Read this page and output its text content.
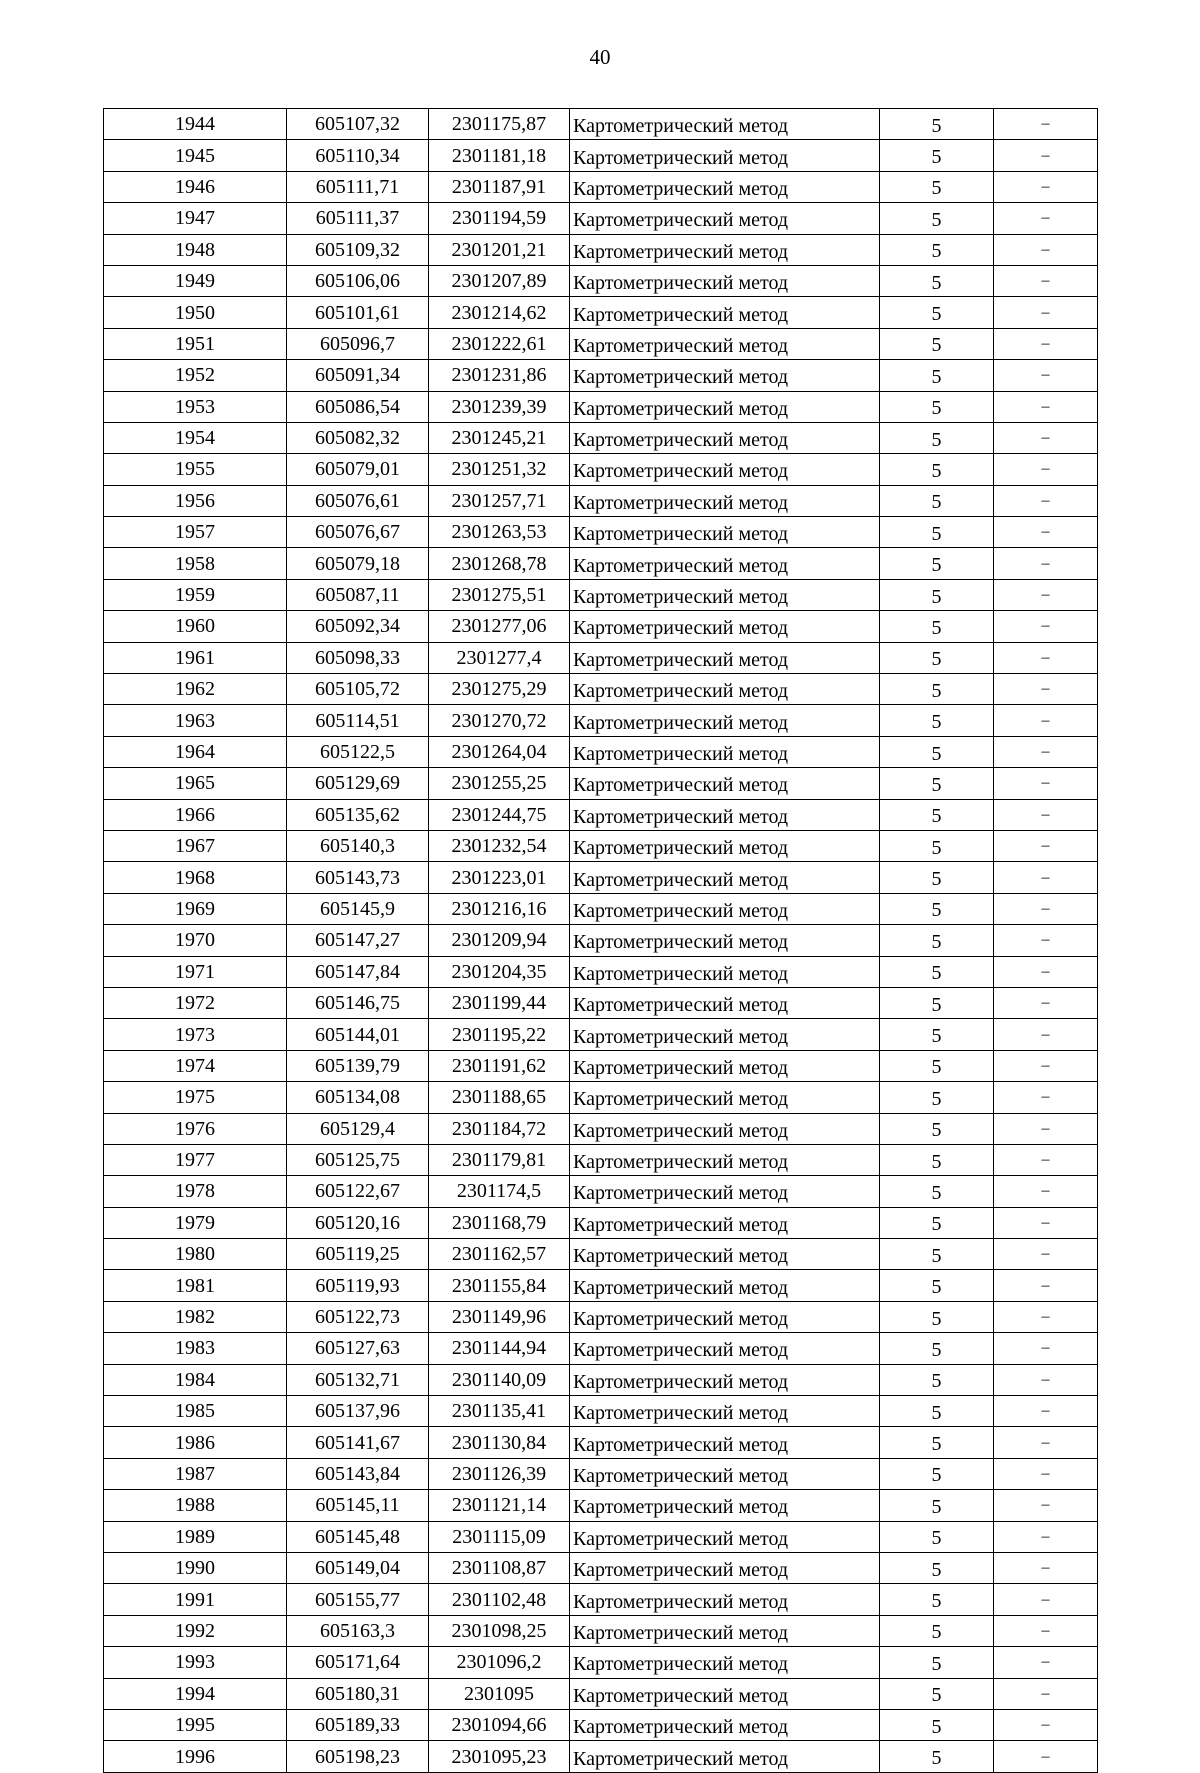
40
1944	605107,32	2301175,87	Картометрический метод	5	–
1945	605110,34	2301181,18	Картометрический метод	5	–
1946	605111,71	2301187,91	Картометрический метод	5	–
1947	605111,37	2301194,59	Картометрический метод	5	–
1948	605109,32	2301201,21	Картометрический метод	5	–
1949	605106,06	2301207,89	Картометрический метод	5	–
1950	605101,61	2301214,62	Картометрический метод	5	–
1951	605096,7	2301222,61	Картометрический метод	5	–
1952	605091,34	2301231,86	Картометрический метод	5	–
1953	605086,54	2301239,39	Картометрический метод	5	–
1954	605082,32	2301245,21	Картометрический метод	5	–
1955	605079,01	2301251,32	Картометрический метод	5	–
1956	605076,61	2301257,71	Картометрический метод	5	–
1957	605076,67	2301263,53	Картометрический метод	5	–
1958	605079,18	2301268,78	Картометрический метод	5	–
1959	605087,11	2301275,51	Картометрический метод	5	–
1960	605092,34	2301277,06	Картометрический метод	5	–
1961	605098,33	2301277,4	Картометрический метод	5	–
1962	605105,72	2301275,29	Картометрический метод	5	–
1963	605114,51	2301270,72	Картометрический метод	5	–
1964	605122,5	2301264,04	Картометрический метод	5	–
1965	605129,69	2301255,25	Картометрический метод	5	–
1966	605135,62	2301244,75	Картометрический метод	5	–
1967	605140,3	2301232,54	Картометрический метод	5	–
1968	605143,73	2301223,01	Картометрический метод	5	–
1969	605145,9	2301216,16	Картометрический метод	5	–
1970	605147,27	2301209,94	Картометрический метод	5	–
1971	605147,84	2301204,35	Картометрический метод	5	–
1972	605146,75	2301199,44	Картометрический метод	5	–
1973	605144,01	2301195,22	Картометрический метод	5	–
1974	605139,79	2301191,62	Картометрический метод	5	–
1975	605134,08	2301188,65	Картометрический метод	5	–
1976	605129,4	2301184,72	Картометрический метод	5	–
1977	605125,75	2301179,81	Картометрический метод	5	–
1978	605122,67	2301174,5	Картометрический метод	5	–
1979	605120,16	2301168,79	Картометрический метод	5	–
1980	605119,25	2301162,57	Картометрический метод	5	–
1981	605119,93	2301155,84	Картометрический метод	5	–
1982	605122,73	2301149,96	Картометрический метод	5	–
1983	605127,63	2301144,94	Картометрический метод	5	–
1984	605132,71	2301140,09	Картометрический метод	5	–
1985	605137,96	2301135,41	Картометрический метод	5	–
1986	605141,67	2301130,84	Картометрический метод	5	–
1987	605143,84	2301126,39	Картометрический метод	5	–
1988	605145,11	2301121,14	Картометрический метод	5	–
1989	605145,48	2301115,09	Картометрический метод	5	–
1990	605149,04	2301108,87	Картометрический метод	5	–
1991	605155,77	2301102,48	Картометрический метод	5	–
1992	605163,3	2301098,25	Картометрический метод	5	–
1993	605171,64	2301096,2	Картометрический метод	5	–
1994	605180,31	2301095	Картометрический метод	5	–
1995	605189,33	2301094,66	Картометрический метод	5	–
1996	605198,23	2301095,23	Картометрический метод	5	–
